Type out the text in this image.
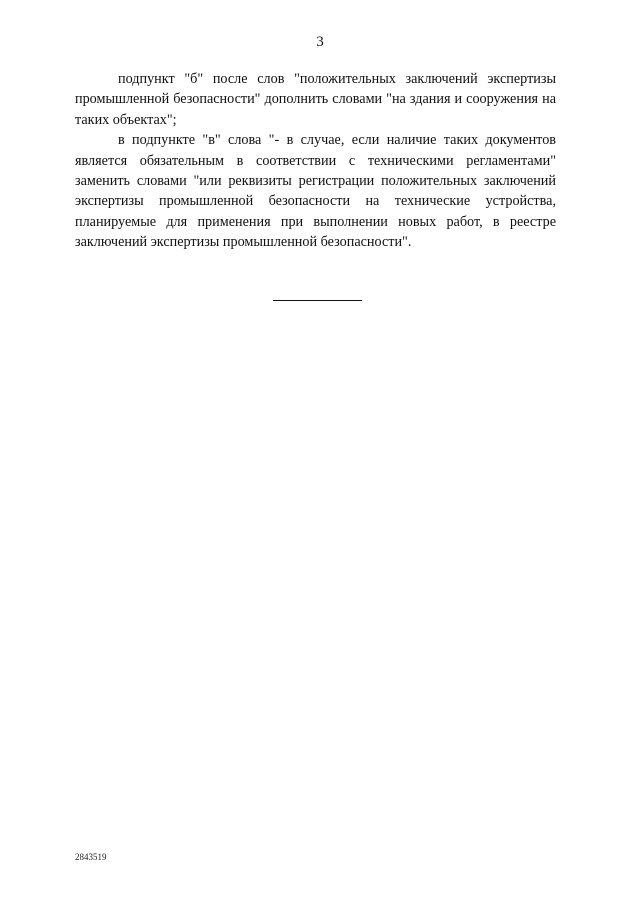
3

подпункт "б" после слов "положительных заключений экспертизы промышленной безопасности" дополнить словами "на здания и сооружения на таких объектах";

в подпункте "в" слова "- в случае, если наличие таких документов является обязательным в соответствии с техническими регламентами" заменить словами "или реквизиты регистрации положительных заключений экспертизы промышленной безопасности на технические устройства, планируемые для применения при выполнении новых работ, в реестре заключений экспертизы промышленной безопасности".

2843519
